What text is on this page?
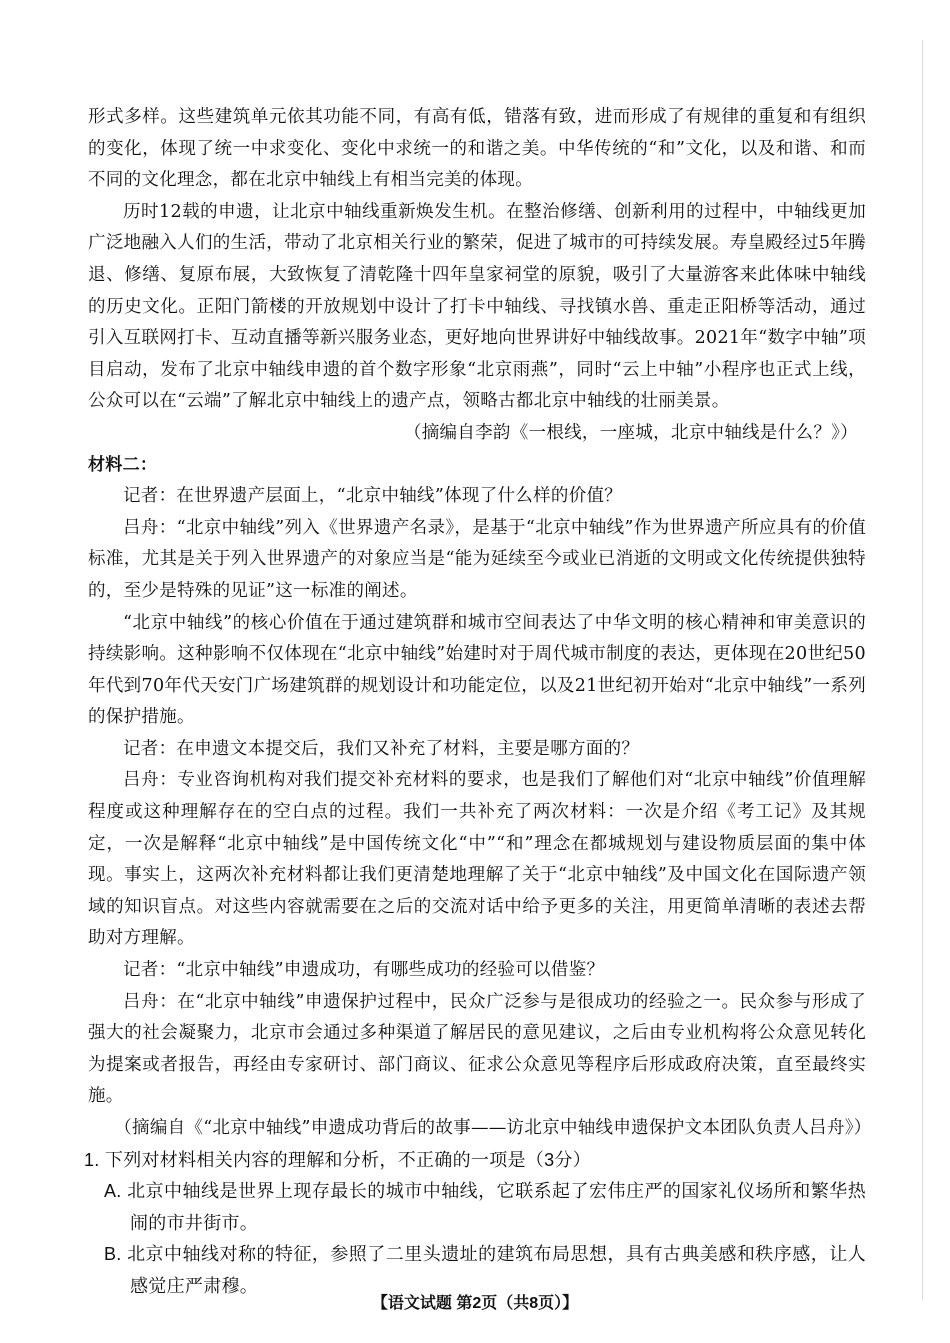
形式多样。这些建筑单元依其功能不同，有高有低，错落有致，进而形成了有规律的重复和有组织的变化，体现了统一中求变化、变化中求统一的和谐之美。中华传统的“和”文化，以及和谐、和而不同的文化理念，都在北京中轴线上有相当完美的体现。

历时12载的申遗，让北京中轴线重新焕发生机。在整治修缮、创新利用的过程中，中轴线更加广泛地融入人们的生活，带动了北京相关行业的繁荣，促进了城市的可持续发展。寿皇殿经过5年腾退、修缮、复原布展，大致恢复了清乾隆十四年皇家祠堂的原貌，吸引了大量游客来此体味中轴线的历史文化。正阳门箭楼的开放规划中设计了打卡中轴线、寻找镇水兽、重走正阳桥等活动，通过引入互联网打卡、互动直播等新兴服务业态，更好地向世界讲好中轴线故事。2021年“数字中轴”项目启动，发布了北京中轴线申遗的首个数字形象“北京雨燕”，同时“云上中轴”小程序也正式上线，公众可以在“云端”了解北京中轴线上的遗产点，领略古都北京中轴线的壮丽美景。

（摘编自李韵《一根线，一座城，北京中轴线是什么？》）

材料二：

记者：在世界遗产层面上，“北京中轴线”体现了什么样的价值？

吕舟：“北京中轴线”列入《世界遗产名录》，是基于“北京中轴线”作为世界遗产所应具有的价值标准，尤其是关于列入世界遗产的对象应当是“能为延续至今或业已消逝的文明或文化传统提供独特的，至少是特殊的见证”这一标准的阐述。

“北京中轴线”的核心价值在于通过建筑群和城市空间表达了中华文明的核心精神和审美意识的持续影响。这种影响不仅体现在“北京中轴线”始建时对于周代城市制度的表达，更体现在20世纪50年代到70年代天安门广场建筑群的规划设计和功能定位，以及21世纪初开始对“北京中轴线”一系列的保护措施。

记者：在申遗文本提交后，我们又补充了材料，主要是哪方面的？

吕舟：专业咨询机构对我们提交补充材料的要求，也是我们了解他们对“北京中轴线”价值理解程度或这种理解存在的空白点的过程。我们一共补充了两次材料：一次是介绍《考工记》及其规定，一次是解释“北京中轴线”是中国传统文化“中”“和”理念在都城规划与建设物质层面的集中体现。事实上，这两次补充材料都让我们更清楚地理解了关于“北京中轴线”及中国文化在国际遗产领域的知识盲点。对这些内容就需要在之后的交流对话中给予更多的关注，用更简单清晰的表述去帮助对方理解。

记者：“北京中轴线”申遗成功，有哪些成功的经验可以借鉴？

吕舟：在“北京中轴线”申遗保护过程中，民众广泛参与是很成功的经验之一。民众参与形成了强大的社会凝聚力，北京市会通过多种渠道了解居民的意见建议，之后由专业机构将公众意见转化为提案或者报告，再经由专家研讨、部门商议、征求公众意见等程序后形成政府决策，直至最终实施。

（摘编自《“北京中轴线”申遗成功背后的故事——访北京中轴线申遗保护文本团队负责人吕舟》）

1. 下列对材料相关内容的理解和分析，不正确的一项是（3分）

A. 北京中轴线是世界上现存最长的城市中轴线，它联系起了宏伟庄严的国家礼仪场所和繁华热闹的市井街市。

B. 北京中轴线对称的特征，参照了二里头遗址的建筑布局思想，具有古典美感和秩序感，让人感觉庄严肃穆。

【语文试题 第2页（共8页）】
